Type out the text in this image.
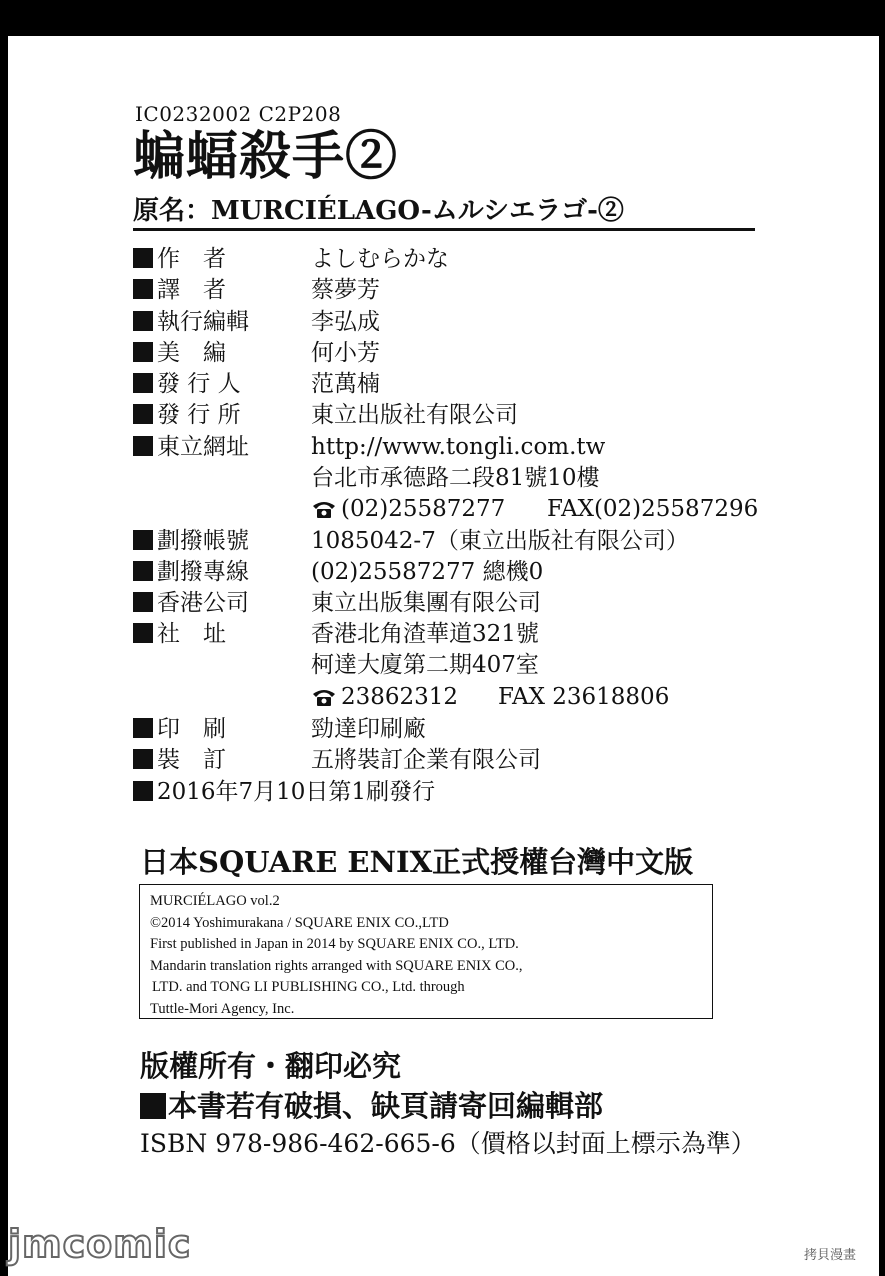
IC0232002 C2P208
蝙蝠殺手②
原名：MURCIÉLAGO-ムルシエラゴ-②
作　者	よしむらかな
譯　者	蔡夢芳
執行編輯	李弘成
美　編	何小芳
發 行 人	范萬楠
發 行 所	東立出版社有限公司
東立網址	http://www.tongli.com.tw
台北市承德路二段81號10樓
(02)25587277 FAX(02)25587296
劃撥帳號	1085042-7（東立出版社有限公司）
劃撥專線	(02)25587277 總機0
香港公司	東立出版集團有限公司
社　址	香港北角渣華道321號
柯達大廈第二期407室
23862312 FAX 23618806
印　刷	勁達印刷廠
裝　訂	五將裝訂企業有限公司
2016年7月10日第1刷發行
日本SQUARE ENIX正式授權台灣中文版
MURCIÉLAGO vol.2
©2014 Yoshimurakana / SQUARE ENIX CO.,LTD
First published in Japan in 2014 by SQUARE ENIX CO., LTD.
Mandarin translation rights arranged with SQUARE ENIX CO.,
LTD. and TONG LI PUBLISHING CO., Ltd. through
Tuttle-Mori Agency, Inc.
版權所有・翻印必究
本書若有破損、缺頁請寄回編輯部
ISBN 978-986-462-665-6（價格以封面上標示為準）
jmcomic	拷貝漫畫
